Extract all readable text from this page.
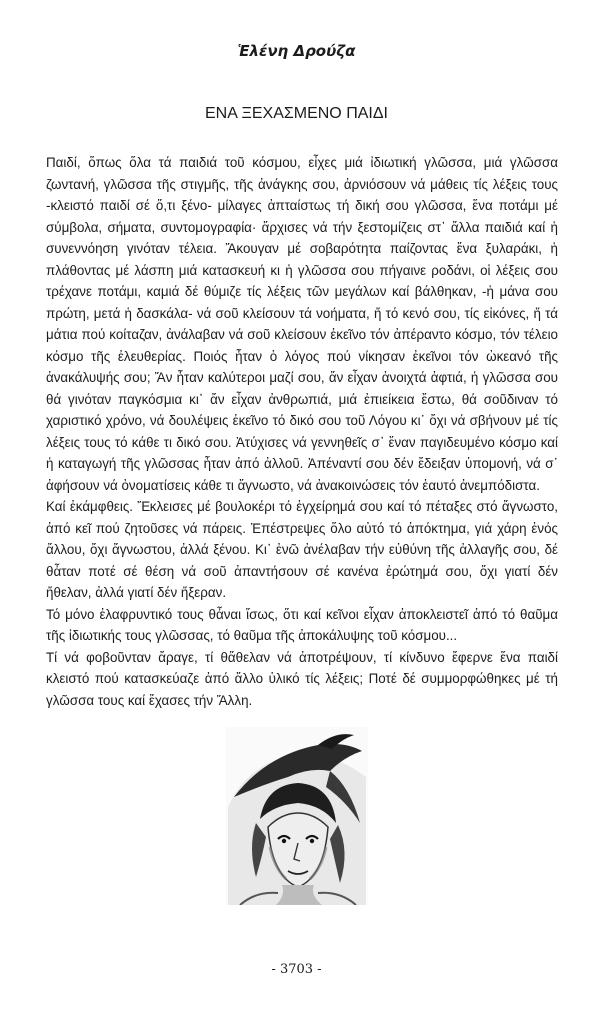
Ἑλένη Δρούζα
ΕΝΑ ΞΕΧΑΣΜΕΝΟ ΠΑΙΔΙ

Παιδί, ὅπως ὅλα τά παιδιά τοῦ κόσμου, εἶχες μιά ἰδιωτική γλῶσσα, μιά γλῶσσα ζωντανή, γλῶσσα τῆς στιγμῆς, τῆς ἀνάγκης σου, ἀρνιόσουν νά μάθεις τίς λέξεις τους -κλειστό παιδί σέ ὅ,τι ξένο- μίλαγες ἀπταίστως τή δική σου γλῶσσα, ἕνα ποτάμι μέ σύμβολα, σήματα, συντομογραφία· ἄρχισες νά τήν ξεστομίζεις στ᾿ ἄλλα παιδιά καί ἡ συνεννόηση γινόταν τέλεια. Ἄκουγαν μέ σοβαρότητα παίζοντας ἕνα ξυλαράκι, ἡ πλάθοντας μέ λάσπη μιά κατασκευή κι ἡ γλῶσσα σου πήγαινε ροδάνι, οἱ λέξεις σου τρέχανε ποτάμι, καμιά δέ θύμιζε τίς λέξεις τῶν μεγάλων καί βάλθηκαν, -ἡ μάνα σου πρώτη, μετά ἡ δασκάλα- νά σοῦ κλείσουν τά νοήματα, ἤ τό κενό σου, τίς εἰκόνες, ἤ τά μάτια πού κοίταζαν, ἀνάλαβαν νά σοῦ κλείσουν ἐκεῖνο τόν ἀπέραντο κόσμο, τόν τέλειο κόσμο τῆς ἐλευθερίας. Ποιός ἦταν ὁ λόγος πού νίκησαν ἐκεῖνοι τόν ὠκεανό τῆς ἀνακάλυψής σου; Ἄν ἦταν καλύτεροι μαζί σου, ἄν εἶχαν ἀνοιχτά ἀφτιά, ἡ γλῶσσα σου θά γινόταν παγκόσμια κι᾿ ἄν εἶχαν ἀνθρωπιά, μιά ἐπιείκεια ἔστω, θά σοῦδιναν τό χαριστικό χρόνο, νά δουλέψεις ἐκεῖνο τό δικό σου τοῦ Λόγου κι᾿ ὄχι νά σβήνουν μέ τίς λέξεις τους τό κάθε τι δικό σου. Ἀτύχισες νά γεννηθεῖς σ᾿ ἕναν παγιδευμένο κόσμο καί ἡ καταγωγή τῆς γλῶσσας ἦταν ἀπό ἀλλοῦ. Ἀπέναντί σου δέν ἔδειξαν ὑπομονή, νά σ᾿ ἀφήσουν νά ὀνοματίσεις κάθε τι ἄγνωστο, νά ἀνακοινώσεις τόν ἑαυτό ἀνεμπόδιστα.

Καί ἐκάμφθεις. Ἔκλεισες μέ βουλοκέρι τό ἐγχείρημά σου καί τό πέταξες στό ἄγνωστο, ἀπό κεῖ πού ζητοῦσες νά πάρεις. Ἐπέστρεψες ὅλο αὐτό τό ἀπόκτημα, γιά χάρη ἑνός ἄλλου, ὄχι ἄγνωστου, ἀλλά ξένου. Κι᾿ ἐνῶ ἀνέλαβαν τήν εὐθύνη τῆς ἀλλαγῆς σου, δέ θἆταν ποτέ σέ θέση νά σοῦ ἀπαντήσουν σέ κανένα ἐρώτημά σου, ὄχι γιατί δέν ἤθελαν, ἀλλά γιατί δέν ἤξεραν.

Τό μόνο ἐλαφρυντικό τους θἆναι ἴσως, ὅτι καί κεῖνοι εἶχαν ἀποκλειστεῖ ἀπό τό θαῦμα τῆς ἰδιωτικής τους γλῶσσας, τό θαῦμα τῆς ἀποκάλυψης τοῦ κόσμου...

Τί νά φοβοῦνταν ἄραγε, τί θἄθελαν νά ἀποτρέψουν, τί κίνδυνο ἔφερνε ἕνα παιδί κλειστό πού κατασκεύαζε ἀπό ἄλλο ὑλικό τίς λέξεις; Ποτέ δέ συμμορφώθηκες μέ τή γλῶσσα τους καί ἔχασες τήν Ἄλλη.

- 3703 -
